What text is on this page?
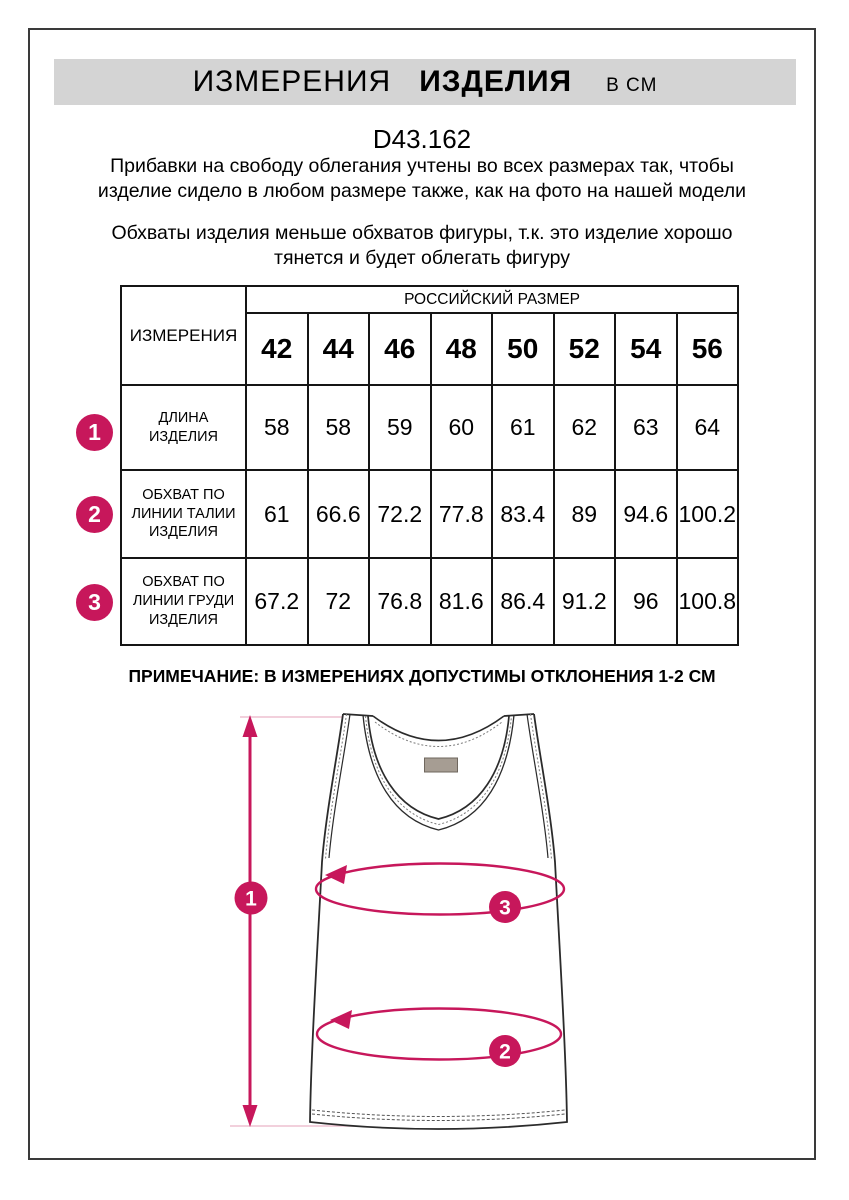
ИЗМЕРЕНИЯ ИЗДЕЛИЯ В СМ
D43.162
Прибавки на свободу облегания учтены во всех размерах так, чтобы изделие сидело в любом размере также, как на фото на нашей модели
Обхваты изделия меньше обхватов фигуры, т.к. это изделие хорошо тянется и будет облегать фигуру
ИЗМЕРЕНИЯ	РОССИЙСКИЙ РАЗМЕР							
	42	44	46	48	50	52	54	56
ДЛИНА ИЗДЕЛИЯ	58	58	59	60	61	62	63	64
ОБХВАТ ПО ЛИНИИ ТАЛИИ ИЗДЕЛИЯ	61	66.6	72.2	77.8	83.4	89	94.6	100.2
ОБХВАТ ПО ЛИНИИ ГРУДИ ИЗДЕЛИЯ	67.2	72	76.8	81.6	86.4	91.2	96	100.8
1
2
3
ПРИМЕЧАНИЕ: В ИЗМЕРЕНИЯХ ДОПУСТИМЫ ОТКЛОНЕНИЯ 1-2 СМ
1	3
2
